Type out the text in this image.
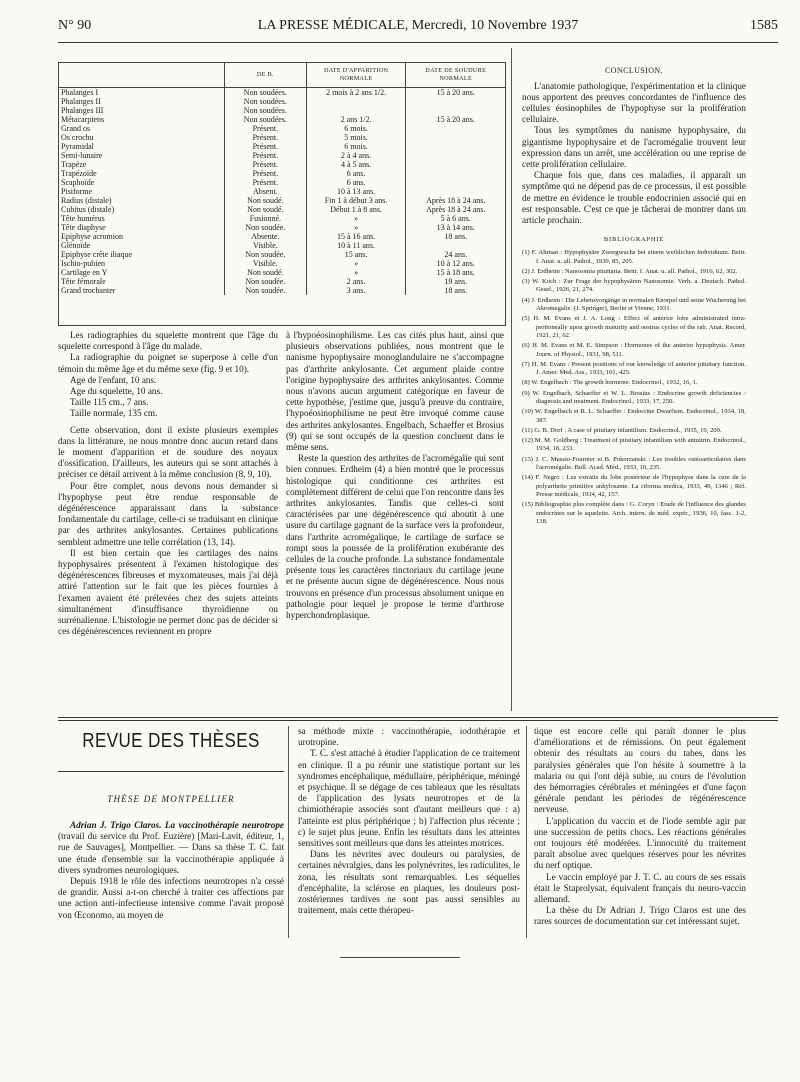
N° 90	LA PRESSE MÉDICALE, Mercredi, 10 Novembre 1937	1585
	DE B.	DATE D'APPARITION NORMALE	DATE DE SOUDURE NORMALE
Phalanges I	Non soudées.	2 mois à 2 ans 1/2.	15 à 20 ans.
Phalanges II	Non soudées.		
Phalanges III	Non soudées.		
Métacarpiens	Non soudées.	2 ans 1/2.	15 à 20 ans.
Grand os	Présent.	6 mois.	
Os crochu	Présent.	5 mois.	
Pyramidal	Présent.	6 mois.	
Semi-lunaire	Présent.	2 à 4 ans.	
Trapèze	Présent.	4 à 5 ans.	
Trapézoïde	Présent.	6 ans.	
Scaphoïde	Présent.	6 ans.	
Pisiforme	Absent.	10 à 13 ans.	
Radius (distale)	Non soudé.	Fin 1 à début 3 ans.	Après 18 à 24 ans.
Cubitus (distale)	Non soudé.	Début 1 à 8 ans.	Après 18 à 24 ans.
Tête humérus	Fusionné.	»	5 à 6 ans.
Tête diaphyse	Non soudée.	»	13 à 14 ans.
Epiphyse acromion	Absente.	15 à 16 ans.	18 ans.
Glénoïde	Visible.	10 à 11 ans.	
Epiphyse crête iliaque	Non soudée.	15 ans.	24 ans.
Ischio-pubien	Visible.	»	10 à 12 ans.
Cartilage en Y	Non soudé.	»	15 à 18 ans.
Tête fémorale	Non soudée.	2 ans.	19 ans.
Grand trochanter	Non soudée.	3 ans.	18 ans.

Les radiographies du squelette montrent que l'âge du squelette correspond à l'âge du malade.

La radiographie du poignet se superpose à celle d'un témoin du même âge et du même sexe (fig. 9 et 10).

Age de l'enfant, 10 ans.
Age du squelette, 10 ans.
Taille 115 cm., 7 ans.
Taille normale, 135 cm.

Cette observation, dont il existe plusieurs exemples dans la littérature, ne nous montre donc aucun retard dans le moment d'apparition et de soudure des noyaux d'ossification. D'ailleurs, les auteurs qui se sont attachés à préciser ce détail arrivent à la même conclusion (8, 9, 10).

Pour être complet, nous devons nous demander si l'hypophyse peut être rendue responsable de dégénérescence apparaissant dans la substance fondamentale du cartilage, celle-ci se traduisant en clinique par des arthrites ankylosantes. Certaines publications semblent admettre une telle corrélation (13, 14).

Il est bien certain que les cartilages des nains hypophysaires présentent à l'examen histologique des dégénérescences fibreuses et myxomateuses, mais j'ai déjà attiré l'attention sur le fait que les pièces fournies à l'examen avaient été prélevées chez des sujets atteints simultanément d'insuffisance thyroïdienne ou surrénalienne. L'histologie ne permet donc pas de décider si ces dégénérescences reviennent en propre

à l'hypoéosinophilisme. Les cas cités plus haut, ainsi que plusieurs observations publiées, nous montrent que le nanisme hypophysaire monoglandulaire ne s'accompagne pas d'arthrite ankylosante. Cet argument plaide contre l'origine hypophysaire des arthrites ankylosantes. Comme nous n'avons aucun argument catégorique en faveur de cette hypothèse, j'estime que, jusqu'à preuve du contraire, l'hypoéosinophilisme ne peut être invoqué comme cause des arthrites ankylosantes. Engelbach, Schaeffer et Brosius (9) qui se sont occupés de la question concluent dans le même sens.

Reste la question des arthrites de l'acromégalie qui sont bien connues. Erdheim (4) a bien montré que le processus histologique qui conditionne ces arthrites est complètement différent de celui que l'on rencontre dans les arthrites ankylosantes. Tandis que celles-ci sont caractérisées par une dégénérescence qui aboutit à une usure du cartilage gagnant de la surface vers la profondeur, dans l'arthrite acromégalique, le cartilage de surface se rompt sous la poussée de la prolifération exubérante des cellules de la couche profonde. La substance fondamentale présente tous les caractères tinctoriaux du cartilage jeune et ne présente aucun signe de dégénérescence. Nous nous trouvons en présence d'un processus absolument unique en pathologie pour lequel je propose le terme d'arthrose hyperchondroplasique.

CONCLUSION.

L'anatomie pathologique, l'expérimentation et la clinique nous apportent des preuves concordantes de l'influence des cellules éosinophiles de l'hypophyse sur la prolifération cellulaire.

Tous les symptômes du nanisme hypophysaire, du gigantisme hypophysaire et de l'acromégalie trouvent leur expression dans un arrêt, une accélération ou une reprise de cette prolifération cellulaire.

Chaque fois que, dans ces maladies, il apparaît un symptôme qui ne dépend pas de ce processus, il est possible de mettre en évidence le trouble endocrinien associé qui en est responsable. C'est ce que je tâcherai de montrer dans un article prochain.

BIBLIOGRAPHIE

(1) F. Altman : Hypophysäre Zwergwuchs bei einem weiblichen Individuum. Beitr. f. Anat. u. all. Pathol., 1930, 85, 205.

(2) J. Erdheim : Nanosomia pituitaria. Beitr. f. Anat. u. all. Pathol., 1916, 62, 302.

(3) W. Koch : Zur Frage der hypophysären Nanosomie. Verh. a. Deutsch. Pathol. Gesel., 1926, 21, 274.

(4) J. Erdheim : Die Lebensvorgänge in normalen Knorpel und seine Wucherung bei Akromegalie. (J. Springer), Berlin et Vienne, 1931.

(5) H. M. Evans et J. A. Long : Effect of anterior lobe administrated intra-peritoneally upon growth maturity and oestrus cycles of the rab. Anat. Record, 1921, 21, 62.

(6) H. M. Evans et M. E. Simpson : Hormones of the anterior hypophysis. Amer. Journ. of Physiol., 1931, 98, 511.

(7) H. M. Evans : Present positions of our knowledge of anterior pituitary function. J. Amer. Med. Ass., 1933, 101, 425.

(8) W. Engelbach : The growth hormone. Endocrinol., 1932, 16, 1.

(9) W. Engelbach, Schaeffer et W. L. Brosius : Endocrine growth deficiencies : diagnosis and treatment. Endocrinol., 1933, 17, 250.

(10) W. Engelbach et R. L. Schaeffer : Endocrine Dwarfism. Endocrinol., 1934, 18, 387.

(11) G. B. Dorf : A case of pituitary infantilism. Endocrinol., 1935, 19, 209.

(12) M. M. Goldberg : Treatment of pituitary infantilism with antuitrin. Endocrinol., 1934, 18, 233.

(13) J. C. Mussio-Fournier et B. Pokorzanski : Les troubles ostéoarticulaires dans l'acromégalie. Bull. Acad. Méd., 1933, 10, 235.

(14) F. Negro : Les extraits du lobe postérieur de l'hypophyse dans la cure de la polyarthrite primitive ankylosante. La riforma medica, 1933, 49, 1346 ; Réf. Presse médicale, 1934, 42, 157.

(15) Bibliographie plus complète dans : G. Coryn : Etude de l'influence des glandes endocrines sur le squelette. Arch. intern. de méd. expér., 1936, 10, fasc. 1-2, 138.

REVUE DES THÈSES
THÈSE DE MONTPELLIER

Adrian J. Trigo Claros. La vaccinothérapie neurotrope (travail du service du Prof. Euzière) [Mari-Lavit, éditeur, 1, rue de Sauvages], Montpellier. — Dans sa thèse T. C. fait une étude d'ensemble sur la vaccinothérapie appliquée à divers syndromes neurologiques.

Depuis 1918 le rôle des infections neurotropes n'a cessé de grandir. Aussi a-t-on cherché à traiter ces affections par une action anti-infectieuse intensive comme l'avait proposé von Œconomo, au moyen de

sa méthode mixte : vaccinothérapie, iodothérapie et urotropine.

T. C. s'est attaché à étudier l'application de ce traitement en clinique. Il a pu réunir une statistique portant sur les syndromes encéphalique, médullaire, périphérique, méningé et psychique. Il se dégage de ces tableaux que les résultats de l'application des lysats neurotropes et de la chimiothérapie associés sont d'autant meilleurs que : a) l'atteinte est plus périphérique ; b) l'affection plus récente ; c) le sujet plus jeune. Enfin les résultats dans les atteintes sensitives sont meilleurs que dans les atteintes motrices.

Dans les névrites avec douleurs ou paralysies, de certaines névralgies, dans les polynévrites, les radiculites, le zona, les résultats sont remarquables. Les séquelles d'encéphalite, la sclérose en plaques, les douleurs post-zostériennes tardives ne sont pas aussi sensibles au traitement, mais cette thérapeu-

tique est encore celle qui paraît donner le plus d'améliorations et de rémissions. On peut également obtenir des résultats au cours du tabes, dans les paralysies générales que l'on hésite à soumettre à la malaria ou qui l'ont déjà subie, au cours de l'évolution des hémorragies cérébrales et méningées et d'une façon générale pendant les périodes de régénérescence nerveuse.

L'application du vaccin et de l'iode semble agir par une succession de petits chocs. Les réactions générales ont toujours été modérées. L'innocuité du traitement paraît absolue avec quelques réserves pour les névrites du nerf optique.

Le vaccin employé par J. T. C. au cours de ses essais était le Staprolysat, équivalent français du neuro-vaccin allemand.

La thèse du Dr Adrian J. Trigo Claros est une des rares sources de documentation sur cet intéressant sujet.
